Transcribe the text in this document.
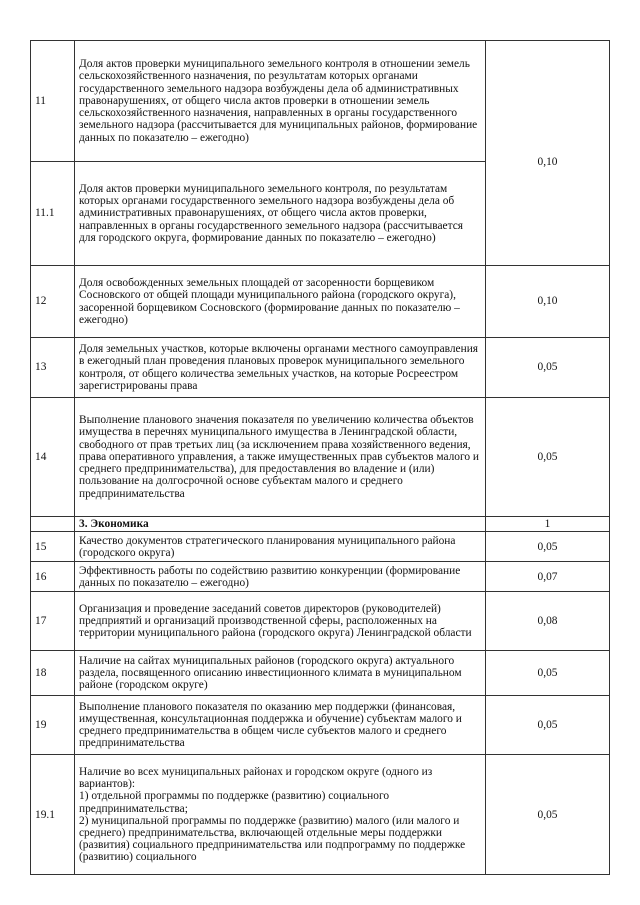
11	Доля актов проверки муниципального земельного контроля в отношении земель сельскохозяйственного назначения, по результатам которых органами государственного земельного надзора возбуждены дела об административных правонарушениях, от общего числа актов проверки в отношении земель сельскохозяйственного назначения, направленных в органы государственного земельного надзора (рассчитывается для муниципальных районов, формирование данных по показателю – ежегодно)	0,10
11.1	Доля актов проверки муниципального земельного контроля, по результатам которых органами государственного земельного надзора возбуждены дела об административных правонарушениях, от общего числа актов проверки, направленных в органы государственного земельного надзора (рассчитывается для городского округа, формирование данных по показателю – ежегодно)	
12	Доля освобожденных земельных площадей от засоренности борщевиком Сосновского от общей площади муниципального района (городского округа), засоренной борщевиком Сосновского (формирование данных по показателю – ежегодно)	0,10
13	Доля земельных участков, которые включены органами местного самоуправления в ежегодный план проведения плановых проверок муниципального земельного контроля, от общего количества земельных участков, на которые Росреестром зарегистрированы права	0,05
14	Выполнение планового значения показателя по увеличению количества объектов имущества в перечнях муниципального имущества в Ленинградской области, свободного от прав третьих лиц (за исключением права хозяйственного ведения, права оперативного управления, а также имущественных прав субъектов малого и среднего предпринимательства), для предоставления во владение и (или) пользование на долгосрочной основе субъектам малого и среднего предпринимательства	0,05
	3. Экономика	1
15	Качество документов стратегического планирования муниципального района (городского округа)	0,05
16	Эффективность работы по содействию развитию конкуренции (формирование данных по показателю – ежегодно)	0,07
17	Организация и проведение заседаний советов директоров (руководителей) предприятий и организаций производственной сферы, расположенных на территории муниципального района (городского округа) Ленинградской области	0,08
18	Наличие на сайтах муниципальных районов (городского округа) актуального раздела, посвященного описанию инвестиционного климата в муниципальном районе (городском округе)	0,05
19	Выполнение планового показателя по оказанию мер поддержки (финансовая, имущественная, консультационная поддержка и обучение) субъектам малого и среднего предпринимательства в общем числе субъектов малого и среднего предпринимательства	0,05
19.1	Наличие во всех муниципальных районах и городском округе (одного из вариантов):
1) отдельной программы по поддержке (развитию) социального предпринимательства;
2) муниципальной программы по поддержке (развитию) малого (или малого и среднего) предпринимательства, включающей отдельные меры поддержки (развития) социального предпринимательства или подпрограмму по поддержке (развитию) социального	0,05
